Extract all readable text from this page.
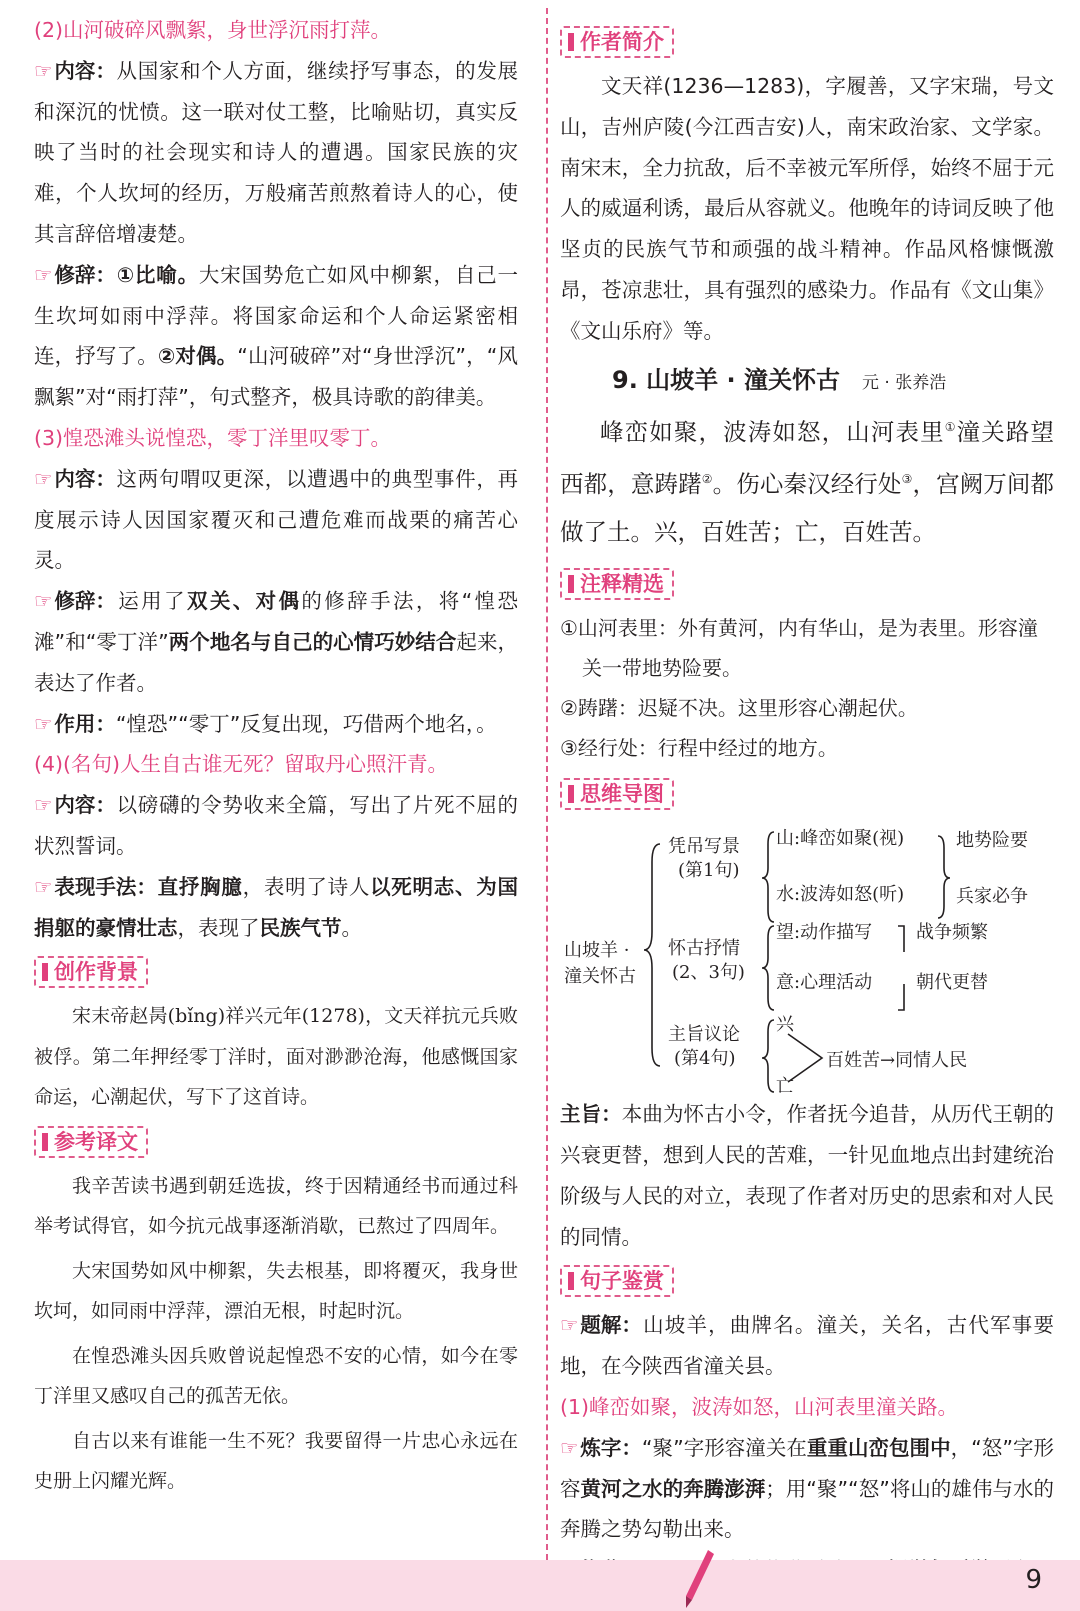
(2)山河破碎风飘絮，身世浮沉雨打萍。

☞ 内容：从国家和个人方面，继续抒写事态，的发展和深沉的忧愤。这一联对仗工整，比喻贴切，真实反映了当时的社会现实和诗人的遭遇。国家民族的灾难，个人坎坷的经历，万般痛苦煎熬着诗人的心，使其言辞倍增凄楚。

☞ 修辞：①比喻。大宋国势危亡如风中柳絮，自己一生坎坷如雨中浮萍。将国家命运和个人命运紧密相连，抒写了。②对偶。“山河破碎”对“身世浮沉”，“风飘絮”对“雨打萍”，句式整齐，极具诗歌的韵律美。

(3)惶恐滩头说惶恐，零丁洋里叹零丁。

☞ 内容：这两句喟叹更深，以遭遇中的典型事件，再度展示诗人因国家覆灭和己遭危难而战栗的痛苦心灵。

☞ 修辞：运用了双关、对偶的修辞手法，将“惶恐滩”和“零丁洋”两个地名与自己的心情巧妙结合起来，表达了作者。

☞ 作用：“惶恐”“零丁”反复出现，巧借两个地名，。

(4)(名句)人生自古谁无死？留取丹心照汗青。

☞ 内容：以磅礴的令势收来全篇，写出了片死不屈的状烈誓词。

☞ 表现手法：直抒胸臆，表明了诗人以死明志、为国捐躯的豪情壮志，表现了民族气节。

创作背景

宋末帝赵昺(bǐng)祥兴元年(1278)，文天祥抗元兵败被俘。第二年押经零丁洋时，面对渺渺沧海，他感慨国家命运，心潮起伏，写下了这首诗。

参考译文

我辛苦读书遇到朝廷选拔，终于因精通经书而通过科举考试得官，如今抗元战事逐渐消歇，已熬过了四周年。

大宋国势如风中柳絮，失去根基，即将覆灭，我身世坎坷，如同雨中浮萍，漂泊无根，时起时沉。

在惶恐滩头因兵败曾说起惶恐不安的心情，如今在零丁洋里又感叹自己的孤苦无依。

自古以来有谁能一生不死？我要留得一片忠心永远在史册上闪耀光辉。

作者简介

文天祥(1236—1283)，字履善，又字宋瑞，号文山，吉州庐陵(今江西吉安)人，南宋政治家、文学家。南宋末，全力抗敌，后不幸被元军所俘，始终不屈于元人的威逼利诱，最后从容就义。他晚年的诗词反映了他坚贞的民族气节和顽强的战斗精神。作品风格慷慨激昂，苍凉悲壮，具有强烈的感染力。作品有《文山集》《文山乐府》等。

9. 山坡羊 · 潼关怀古 元 · 张养浩

峰峦如聚，波涛如怒，山河表里①潼关路望西都，意踌躇②。伤心秦汉经行处③，宫阙万间都做了土。兴，百姓苦；亡，百姓苦。

注释精选

①山河表里：外有黄河，内有华山，是为表里。形容潼

关一带地势险要。

②踌躇：迟疑不决。这里形容心潮起伏。

③经行处：行程中经过的地方。

思维导图
山坡羊 ·
潼关怀古
凭吊写景
(第1句)
山:峰峦如聚(视)
水:波涛如怒(听)
地势险要
兵家必争
怀古抒情
(2、3句)
望:动作描写
意:心理活动
战争频繁
朝代更替
主旨议论
(第4句)
兴
亡
百姓苦→同情人民

主旨：本曲为怀古小令，作者抚今追昔，从历代王朝的兴衰更替，想到人民的苦难，一针见血地点出封建统治阶级与人民的对立，表现了作者对历史的思索和对人民的同情。

句子鉴赏

☞ 题解：山坡羊，曲牌名。潼关，关名，古代军事要地，在今陕西省潼关县。

(1)峰峦如聚，波涛如怒，山河表里潼关路。

☞ 炼字：“聚”字形容潼关在重重山峦包围中，“怒”字形容黄河之水的奔腾澎湃；用“聚”“怒”将山的雄伟与水的奔腾之势勾勒出来。

☞

9
